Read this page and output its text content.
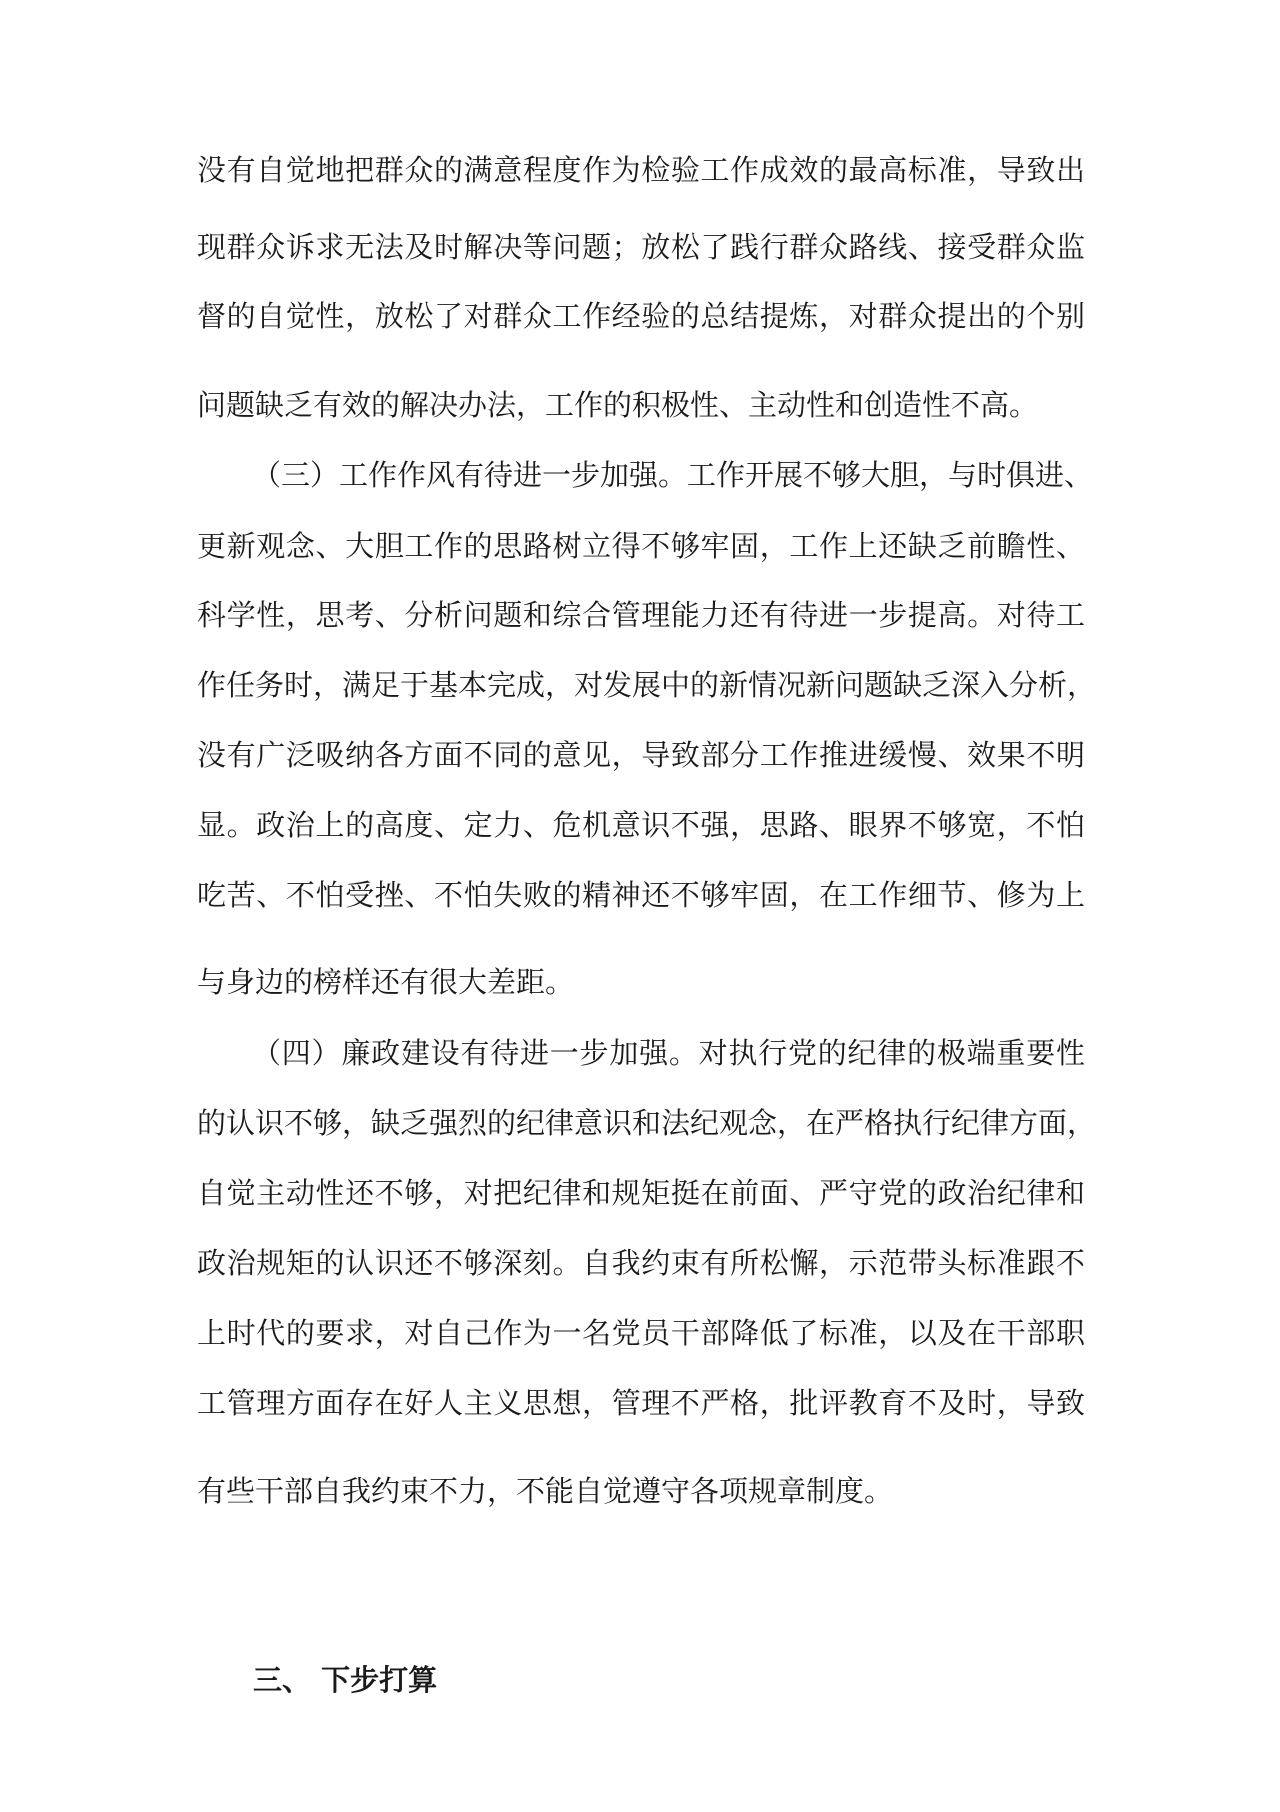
没有自觉地把群众的满意程度作为检验工作成效的最高标准，导致出
现群众诉求无法及时解决等问题；放松了践行群众路线、接受群众监
督的自觉性，放松了对群众工作经验的总结提炼，对群众提出的个别
问题缺乏有效的解决办法，工作的积极性、主动性和创造性不高。
（三）工作作风有待进一步加强。工作开展不够大胆，与时俱进、
更新观念、大胆工作的思路树立得不够牢固，工作上还缺乏前瞻性、
科学性，思考、分析问题和综合管理能力还有待进一步提高。对待工
作任务时，满足于基本完成，对发展中的新情况新问题缺乏深入分析，
没有广泛吸纳各方面不同的意见，导致部分工作推进缓慢、效果不明
显。政治上的高度、定力、危机意识不强，思路、眼界不够宽，不怕
吃苦、不怕受挫、不怕失败的精神还不够牢固，在工作细节、修为上
与身边的榜样还有很大差距。
（四）廉政建设有待进一步加强。对执行党的纪律的极端重要性
的认识不够，缺乏强烈的纪律意识和法纪观念，在严格执行纪律方面，
自觉主动性还不够，对把纪律和规矩挺在前面、严守党的政治纪律和
政治规矩的认识还不够深刻。自我约束有所松懈，示范带头标准跟不
上时代的要求，对自己作为一名党员干部降低了标准，以及在干部职
工管理方面存在好人主义思想，管理不严格，批评教育不及时，导致
有些干部自我约束不力，不能自觉遵守各项规章制度。
三、 下步打算
